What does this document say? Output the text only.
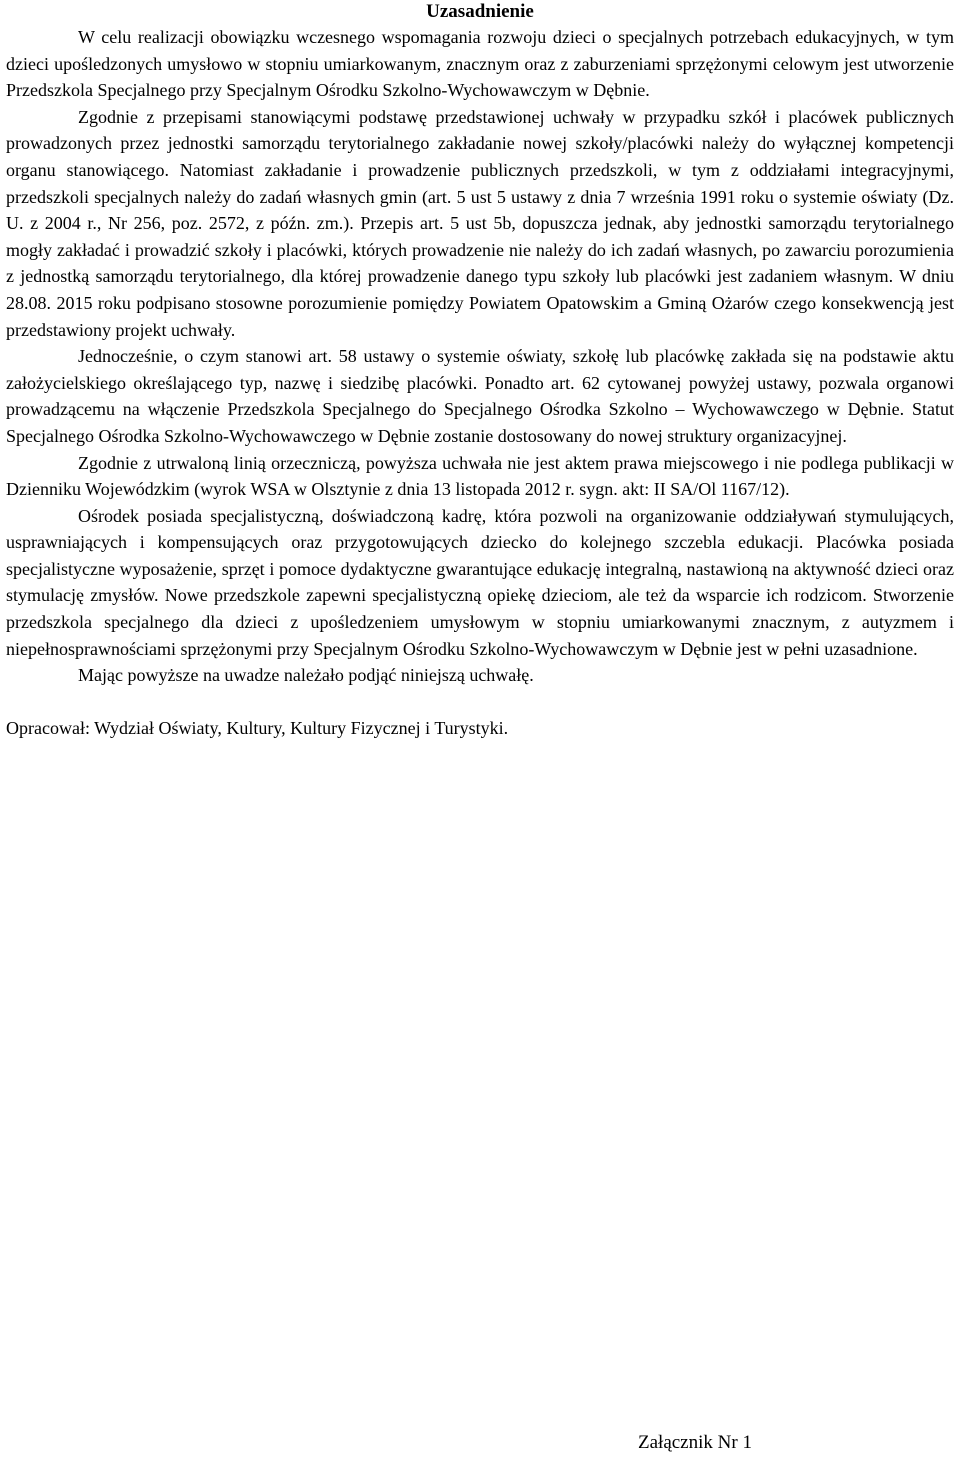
Uzasadnienie

W celu realizacji obowiązku wczesnego wspomagania rozwoju dzieci o specjalnych potrzebach edukacyjnych, w tym dzieci upośledzonych umysłowo w stopniu umiarkowanym, znacznym oraz z zaburzeniami sprzężonymi celowym jest utworzenie Przedszkola Specjalnego przy Specjalnym Ośrodku Szkolno-Wychowawczym w Dębnie.

Zgodnie z przepisami stanowiącymi podstawę przedstawionej uchwały w przypadku szkół i placówek publicznych prowadzonych przez jednostki samorządu terytorialnego zakładanie nowej szkoły/placówki należy do wyłącznej kompetencji organu stanowiącego. Natomiast zakładanie i prowadzenie publicznych przedszkoli, w tym z oddziałami integracyjnymi, przedszkoli specjalnych należy do zadań własnych gmin (art. 5 ust 5 ustawy z dnia 7 września 1991 roku o systemie oświaty (Dz. U. z 2004 r., Nr 256, poz. 2572, z późn. zm.). Przepis art. 5 ust 5b, dopuszcza jednak, aby jednostki samorządu terytorialnego mogły zakładać i prowadzić szkoły i placówki, których prowadzenie nie należy do ich zadań własnych, po zawarciu porozumienia z jednostką samorządu terytorialnego, dla której prowadzenie danego typu szkoły lub placówki jest zadaniem własnym. W dniu 28.08. 2015 roku podpisano stosowne porozumienie pomiędzy Powiatem Opatowskim a Gminą Ożarów czego konsekwencją jest przedstawiony projekt uchwały.

Jednocześnie, o czym stanowi art. 58 ustawy o systemie oświaty, szkołę lub placówkę zakłada się na podstawie aktu założycielskiego określającego typ, nazwę i siedzibę placówki. Ponadto art. 62 cytowanej powyżej ustawy, pozwala organowi prowadzącemu na włączenie Przedszkola Specjalnego do Specjalnego Ośrodka Szkolno – Wychowawczego w Dębnie. Statut Specjalnego Ośrodka Szkolno-Wychowawczego w Dębnie zostanie dostosowany do nowej struktury organizacyjnej.

Zgodnie z utrwaloną linią orzeczniczą, powyższa uchwała nie jest aktem prawa miejscowego i nie podlega publikacji w Dzienniku Wojewódzkim (wyrok WSA w Olsztynie z dnia 13 listopada 2012 r. sygn. akt: II SA/Ol 1167/12).

Ośrodek posiada specjalistyczną, doświadczoną kadrę, która pozwoli na organizowanie oddziaływań stymulujących, usprawniających i kompensujących oraz przygotowujących dziecko do kolejnego szczebla edukacji. Placówka posiada specjalistyczne wyposażenie, sprzęt i pomoce dydaktyczne gwarantujące edukację integralną, nastawioną na aktywność dzieci oraz stymulację zmysłów. Nowe przedszkole zapewni specjalistyczną opiekę dzieciom, ale też da wsparcie ich rodzicom. Stworzenie przedszkola specjalnego dla dzieci z upośledzeniem umysłowym w stopniu umiarkowanymi znacznym, z autyzmem i niepełnosprawnościami sprzężonymi przy Specjalnym Ośrodku Szkolno-Wychowawczym w Dębnie jest w pełni uzasadnione.

Mając powyższe na uwadze należało podjąć niniejszą uchwałę.

Opracował: Wydział Oświaty, Kultury, Kultury Fizycznej i Turystyki.

Załącznik Nr 1
